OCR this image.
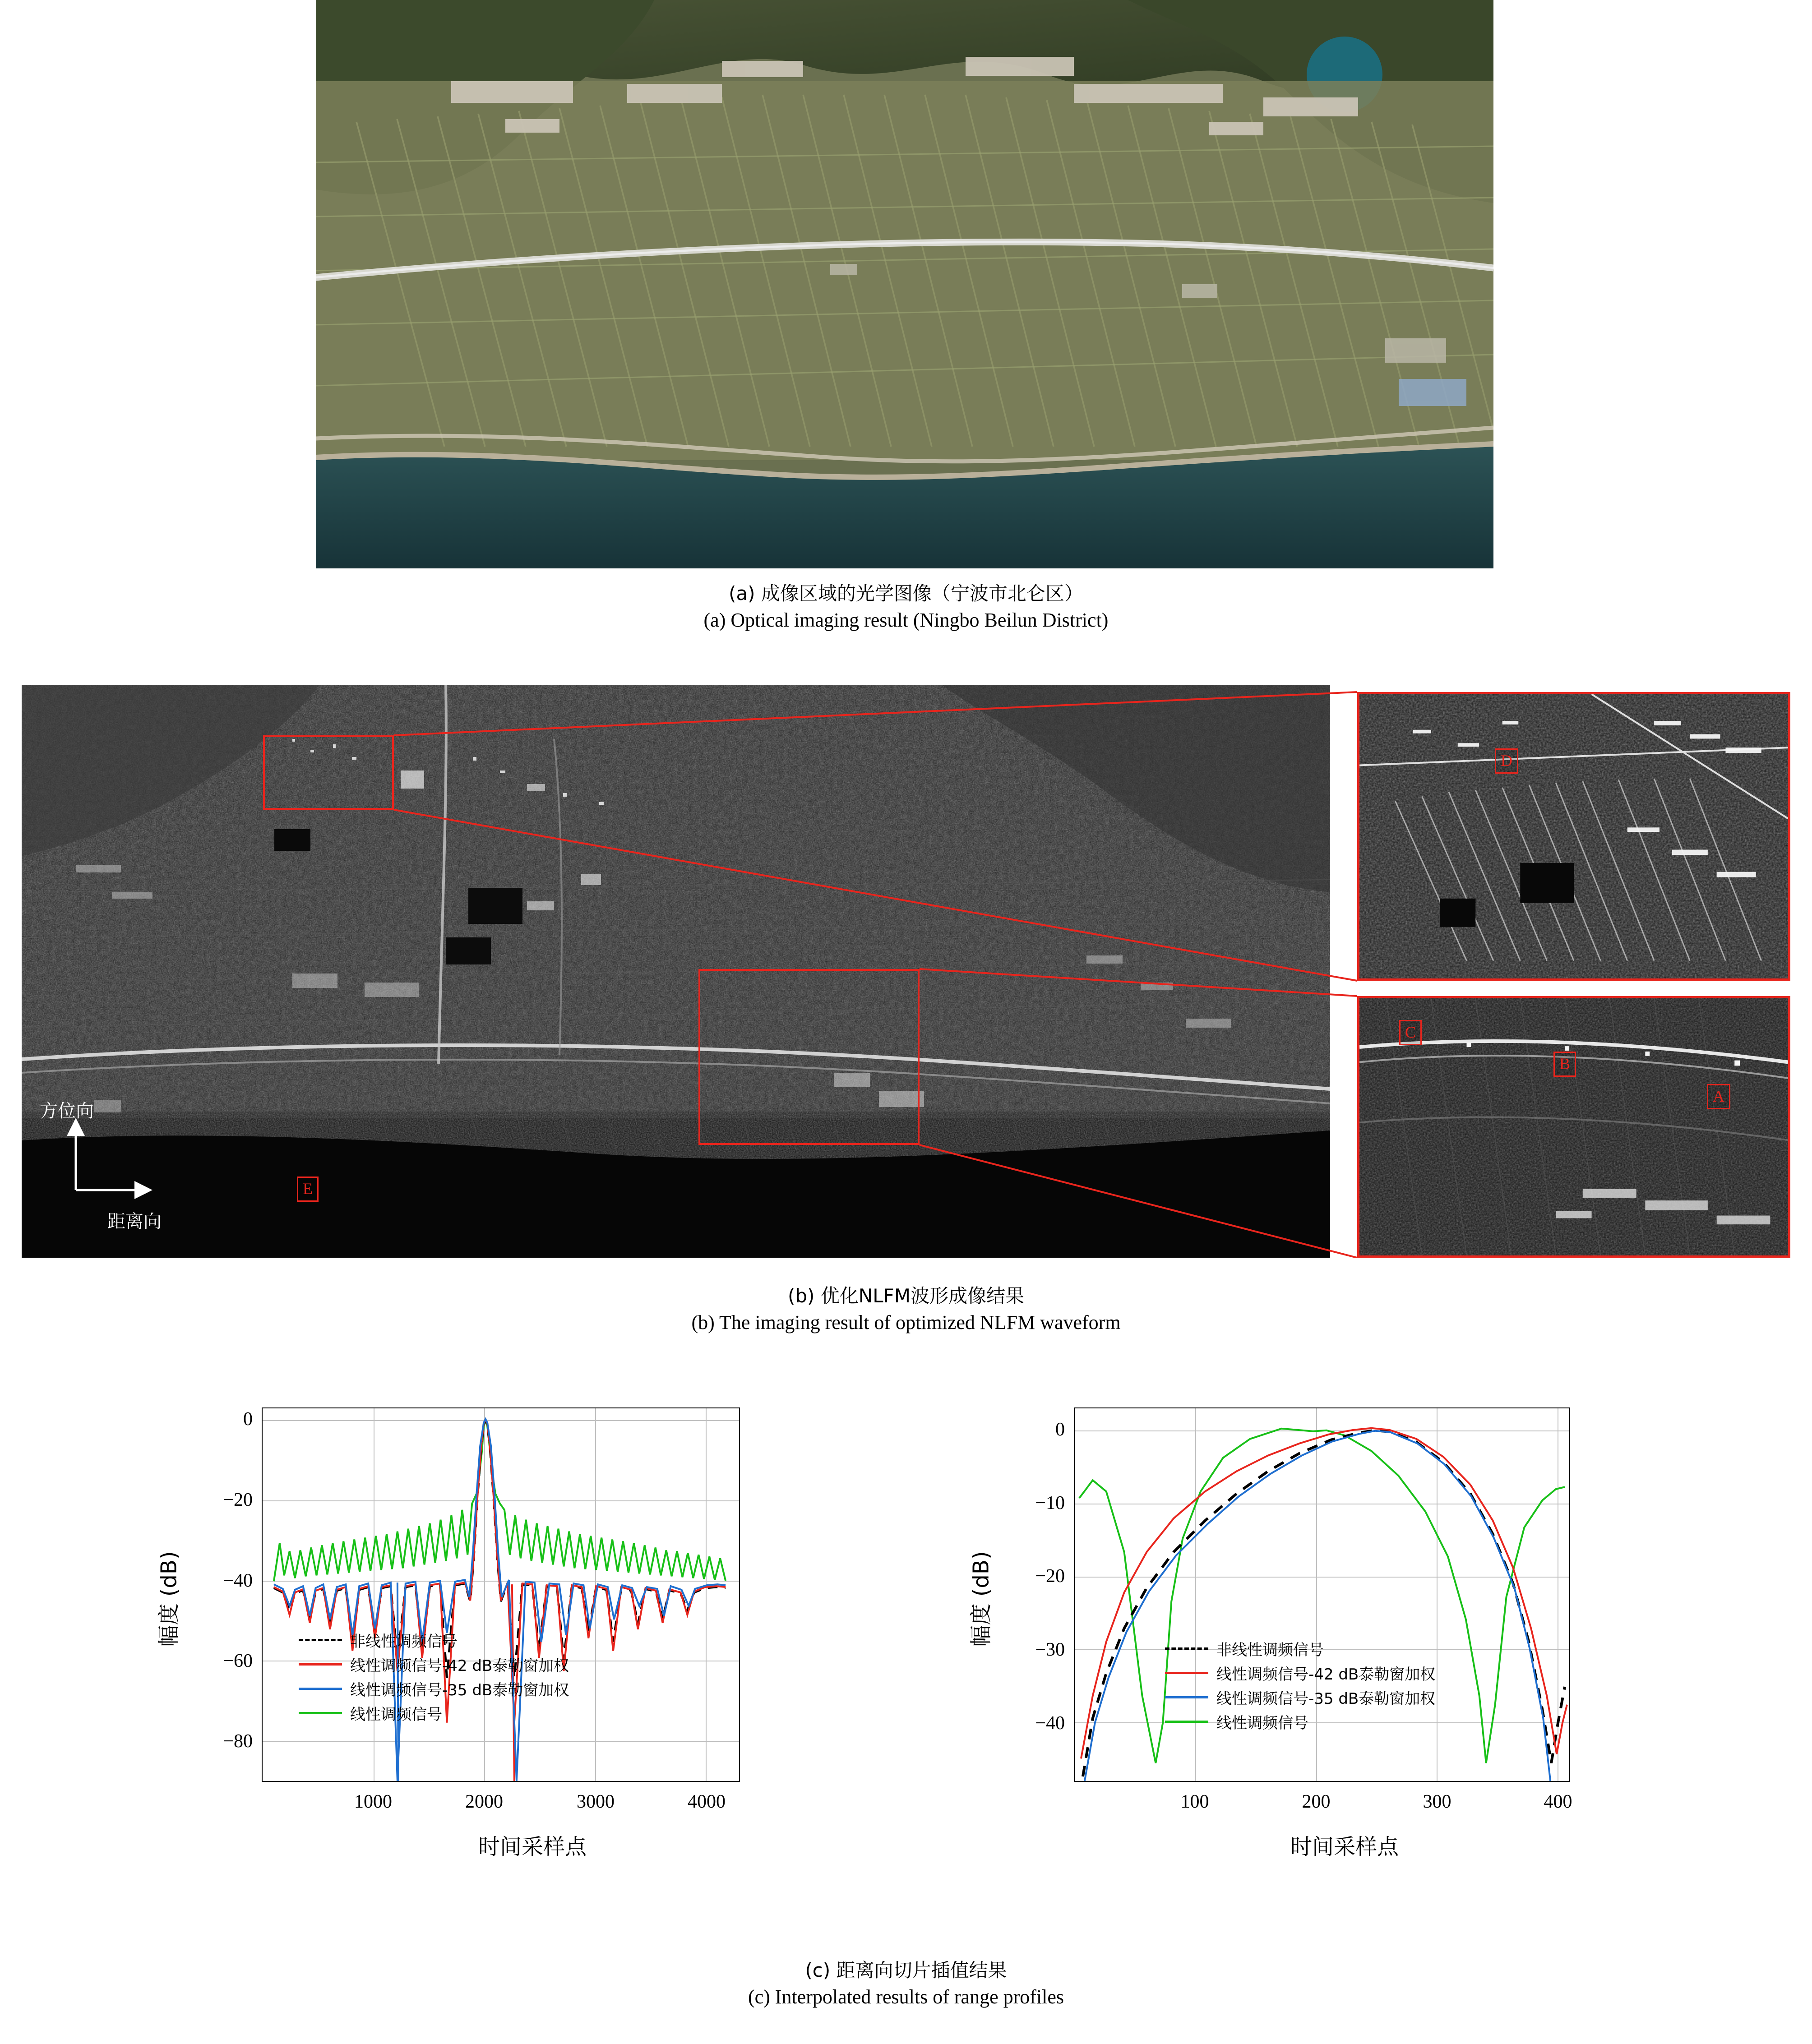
(a) 成像区域的光学图像（宁波市北仑区）
(a) Optical imaging result (Ningbo Beilun District)
E
方位向
距离向
D
C
B
A
(b) 优化NLFM波形成像结果
(b) The imaging result of optimized NLFM waveform
非线性调频信号
线性调频信号-42 dB泰勒窗加权
线性调频信号-35 dB泰勒窗加权
线性调频信号
0
−20
−40
−60
−80
1000	2000	3000	4000
时间采样点
幅度 (dB)
非线性调频信号
线性调频信号-42 dB泰勒窗加权
线性调频信号-35 dB泰勒窗加权
线性调频信号
0
−10
−20
−30
−40
100	200	300	400
时间采样点
幅度 (dB)
(c) 距离向切片插值结果
(c) Interpolated results of range profiles
